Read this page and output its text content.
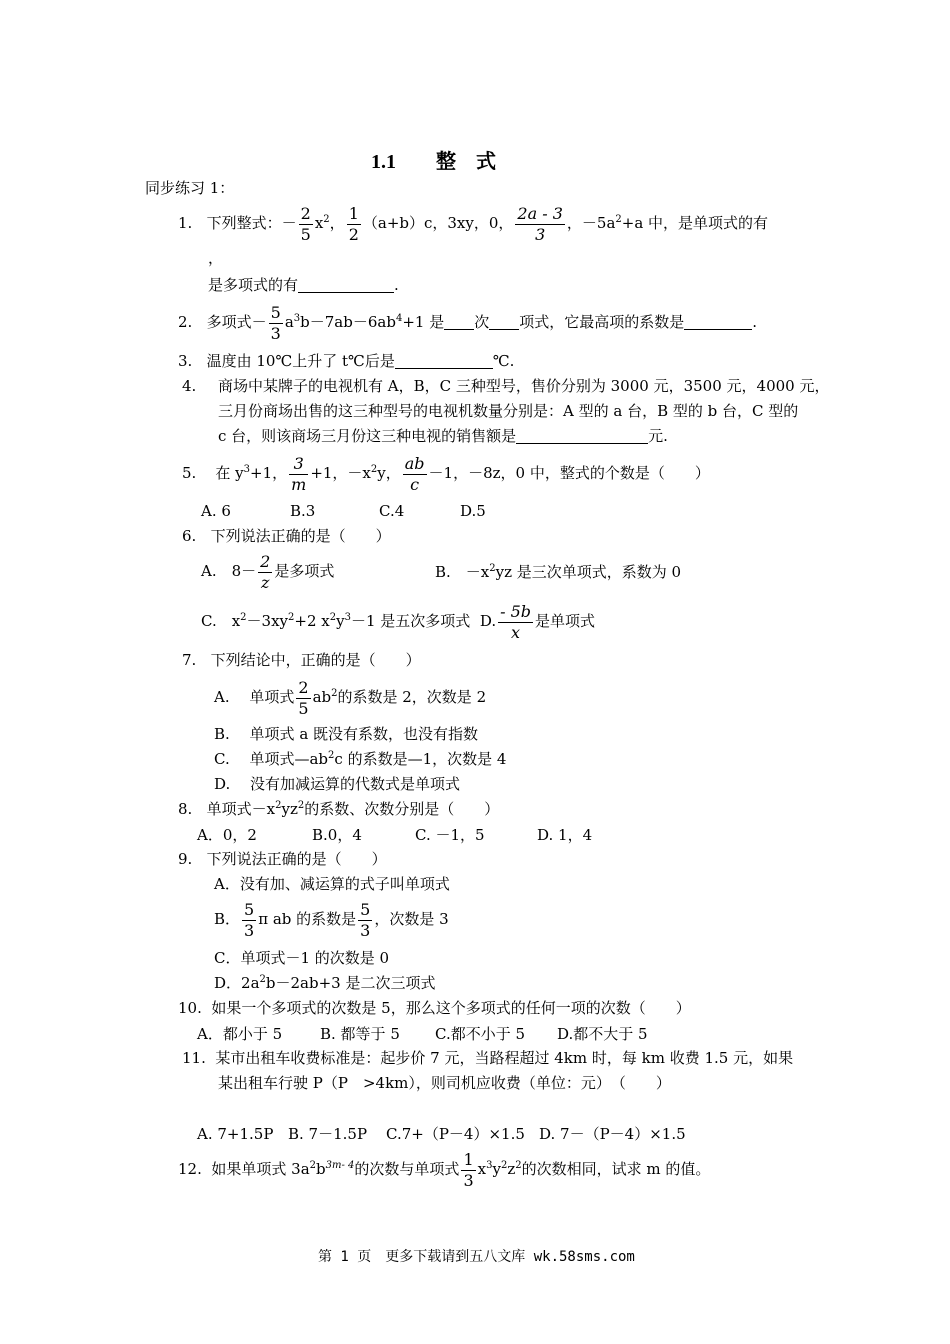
1.1　　整　式
同步练习 1：
1. 下列整式：－ $\frac{2}{5} x^2$， $\frac{1}{2} (a+b)c$，3xy，0， $\frac{2a - 3}{3}$ ，$-5a^2+a$ 中，是单项式的有
，
是多项式的有	.
2. 多项式－ $\frac{5}{3} a^3b-7ab-6ab^4+1$ 是 次 项式，它最高项的系数是	.
3. 温度由 10℃上升了 t℃后是	℃.
4. 商场中某牌子的电视机有 A，B，C 三种型号，售价分别为 3000 元，3500 元，4000 元，
三月份商场出售的这三种型号的电视机数量分别是：A 型的 a 台，B 型的 b 台，C 型的
c 台，则该商场三月份这三种电视的销售额是	元.
5. 在 $y^3+1$， $\frac{3}{m} +1$，$-x^2y$， $\frac{ab}{c} -1$，－8z，0 中，整式的个数是（　　）
A. 6	B.3	C.4	D.5
6. 下列说法正确的是（　　）
A.　$8- \frac{2}{z}$ 是多项式	B.　$-x^2yz$ 是三次单项式，系数为 0
C.　$x^2-3xy^2+2$ $x^2y^3-1$ 是五次多项式 D. $\frac{- 5b}{x}$ 是单项式
7. 下列结论中，正确的是（　　）
A.　 单项式 $\frac{2}{5} ab^2$的系数是 2，次数是 2
B.　 单项式 a 既没有系数，也没有指数
C.　 单项式$—ab^2c$ 的系数是—1，次数是 4
D.　 没有加减运算的代数式是单项式
8. 单项式$-x^2yz^2$的系数、次数分别是（　　）
A．0，2	B.0，4	C. －1，5	D. 1，4
9. 下列说法正确的是（　　）
A．没有加、减运算的式子叫单项式
B． $\frac{5}{3}$ π ab 的系数是 $\frac{5}{3}$ ，次数是 3
C．单项式－1 的次数是 0
D．$2a^2b-2ab+3$ 是二次三项式
10. 如果一个多项式的次数是 5，那么这个多项式的任何一项的次数（　　）
A．都小于 5	B. 都等于 5 C.都不小于 5 D.都不大于 5
11. 某市出租车收费标准是：起步价 7 元，当路程超过 4km 时，每 km 收费 1.5 元，如果
某出租车行驶 P（P　>4km），则司机应收费（单位：元）　（　　）
A. 7+1.5P B. 7－1.5P C.7+（P－4）×1.5 D. 7－（P－4）×1.5
12. 如果单项式 $3a^2b^{3m- 4}$的次数与单项式 $\frac{1}{3} x^3y^2z^2$的次数相同，试求 m 的值。
第 1 页　更多下载请到五八文库 wk.58sms.com
